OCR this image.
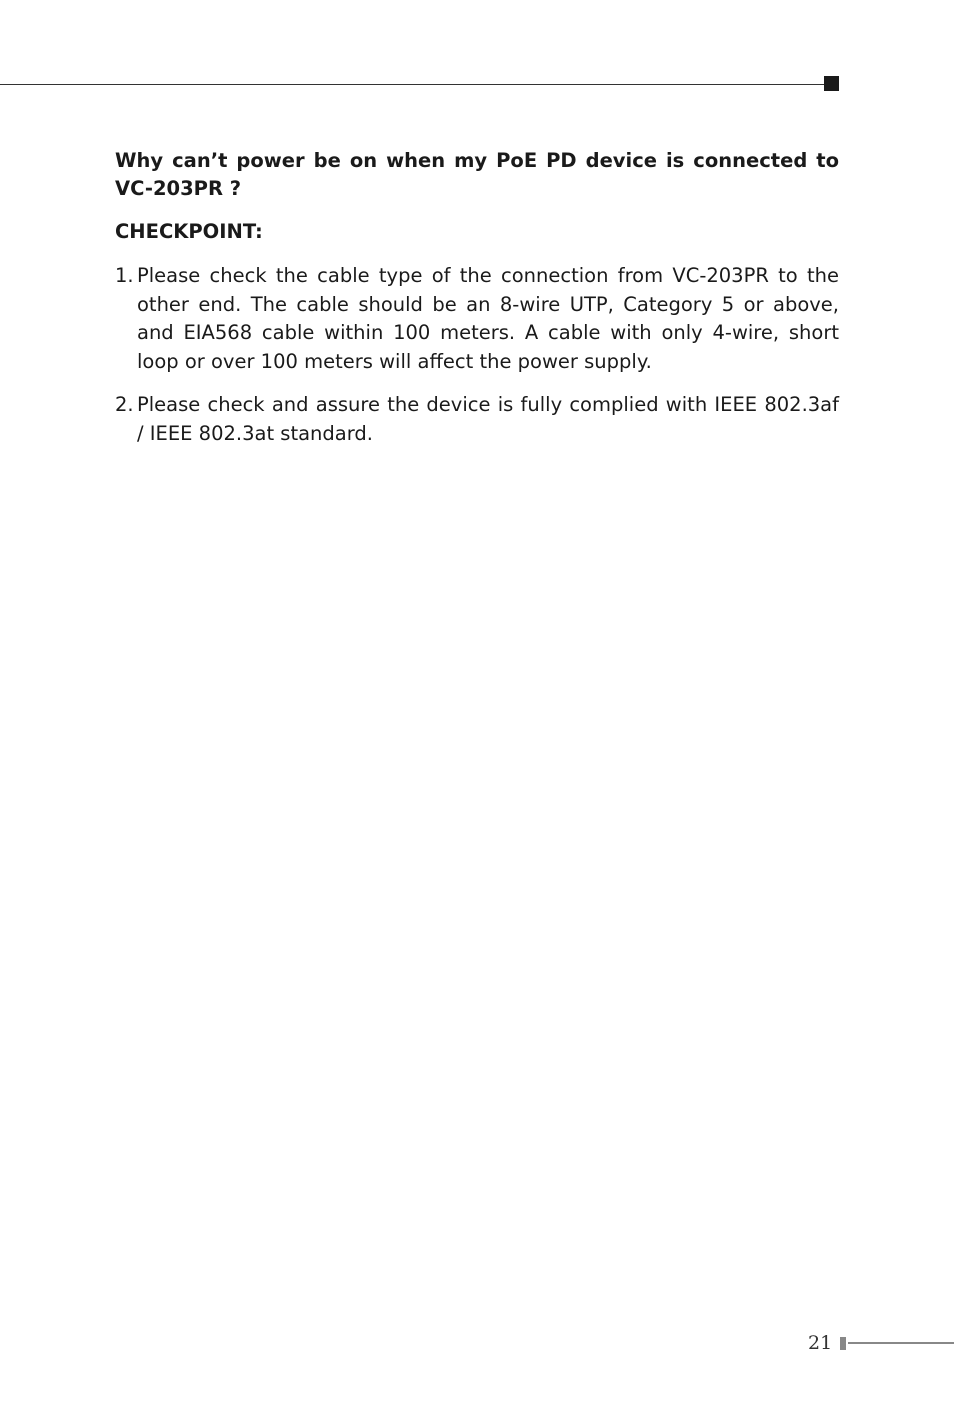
Why can’t power be on when my PoE PD device is connected to VC-203PR ?

CHECKPOINT:

1. Please check the cable type of the connection from VC-203PR to the other end. The cable should be an 8-wire UTP, Category 5 or above, and EIA568 cable within 100 meters. A cable with only 4-wire, short loop or over 100 meters will affect the power supply.
2. Please check and assure the device is fully complied with IEEE 802.3af / IEEE 802.3at standard.
21
